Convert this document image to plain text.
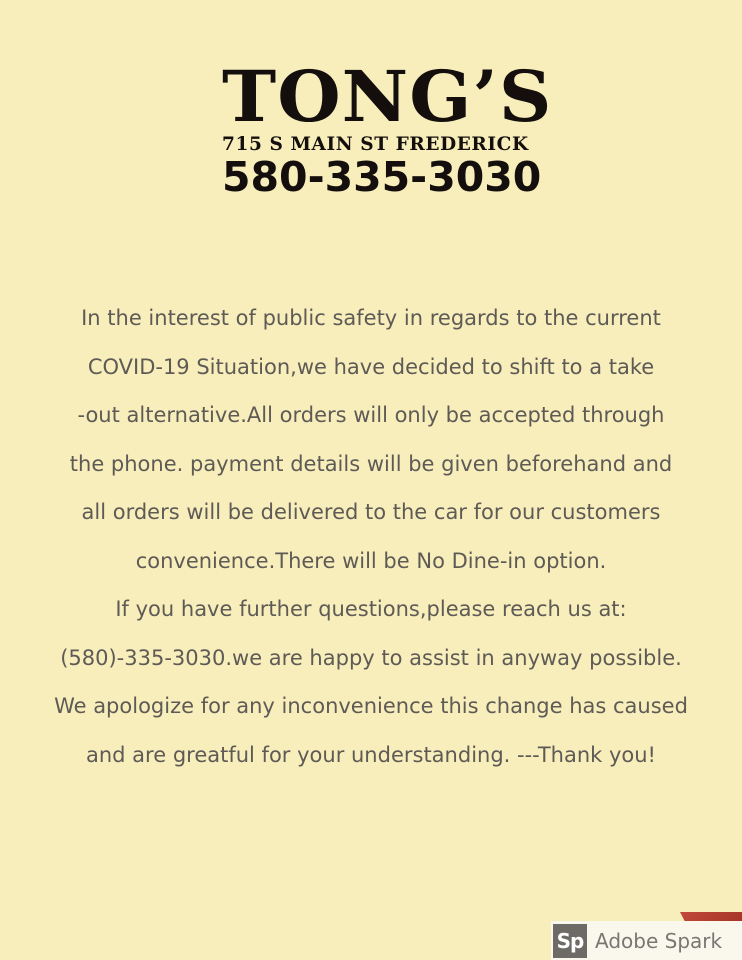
TONG’S
715 S MAIN ST FREDERICK
580-335-3030
In the interest of public safety in regards to the current
COVID-19 Situation,we have decided to shift to a take
-out alternative.All orders will only be accepted through
the phone. payment details will be given beforehand and
all orders will be delivered to the car for our customers
convenience.There will be No Dine-in option.
If you have further questions,please reach us at:
(580)-335-3030.we are happy to assist in anyway possible.
We apologize for any inconvenience this change has caused
and are greatful for your understanding. ---Thank you!
Sp Adobe Spark
